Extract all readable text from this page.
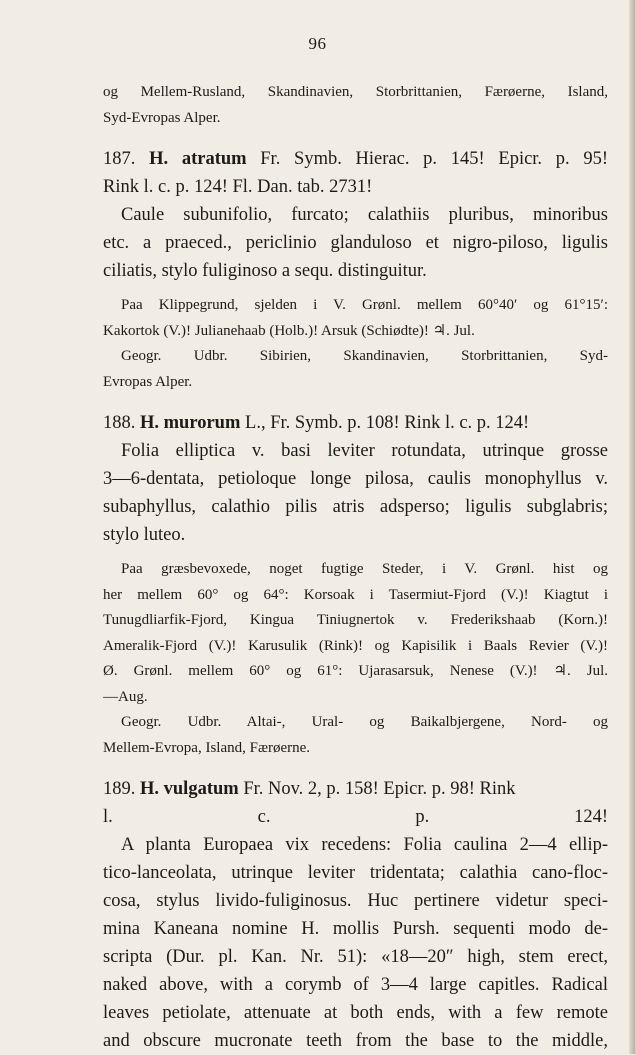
96
og Mellem-Rusland, Skandinavien, Storbrittanien, Færøerne, Island,
Syd-Evropas Alper.
187. H. atratum Fr. Symb. Hierac. p. 145! Epicr. p. 95!
Rink l. c. p. 124! Fl. Dan. tab. 2731!
Caule subunifolio, furcato; calathiis pluribus, minoribus
etc. a praeced., periclinio glanduloso et nigro-piloso, ligulis
ciliatis, stylo fuliginoso a sequ. distinguitur.
Paa Klippegrund, sjelden i V. Grønl. mellem 60°40′ og 61°15′:
Kakortok (V.)! Julianehaab (Holb.)! Arsuk (Schiødte)! ♃. Jul.
Geogr. Udbr. Sibirien, Skandinavien, Storbrittanien, Syd-
Evropas Alper.
188. H. murorum L., Fr. Symb. p. 108! Rink l. c. p. 124!
Folia elliptica v. basi leviter rotundata, utrinque grosse
3—6-dentata, petioloque longe pilosa, caulis monophyllus v.
subaphyllus, calathio pilis atris adsperso; ligulis subglabris;
stylo luteo.
Paa græsbevoxede, noget fugtige Steder, i V. Grønl. hist og
her mellem 60° og 64°: Korsoak i Tasermiut-Fjord (V.)! Kiagtut i
Tunugdliarfik-Fjord, Kingua Tiniugnertok v. Frederikshaab (Korn.)!
Ameralik-Fjord (V.)! Karusulik (Rink)! og Kapisilik i Baals Revier (V.)!
Ø. Grønl. mellem 60° og 61°: Ujarasarsuk, Nenese (V.)! ♃. Jul.
—Aug.
Geogr. Udbr. Altai-, Ural- og Baikalbjergene, Nord- og
Mellem-Evropa, Island, Færøerne.
189. H. vulgatum Fr. Nov. 2, p. 158! Epicr. p. 98! Rink
l. c. p. 124!
A planta Europaea vix recedens: Folia caulina 2—4 ellip-
tico-lanceolata, utrinque leviter tridentata; calathia cano-floc-
cosa, stylus livido-fuliginosus. Huc pertinere videtur speci-
mina Kaneana nomine H. mollis Pursh. sequenti modo de-
scripta (Dur. pl. Kan. Nr. 51): «18—20″ high, stem erect,
naked above, with a corymb of 3—4 large capitles. Radical
leaves petiolate, attenuate at both ends, with a few remote
and obscure mucronate teeth from the base to the middle,
